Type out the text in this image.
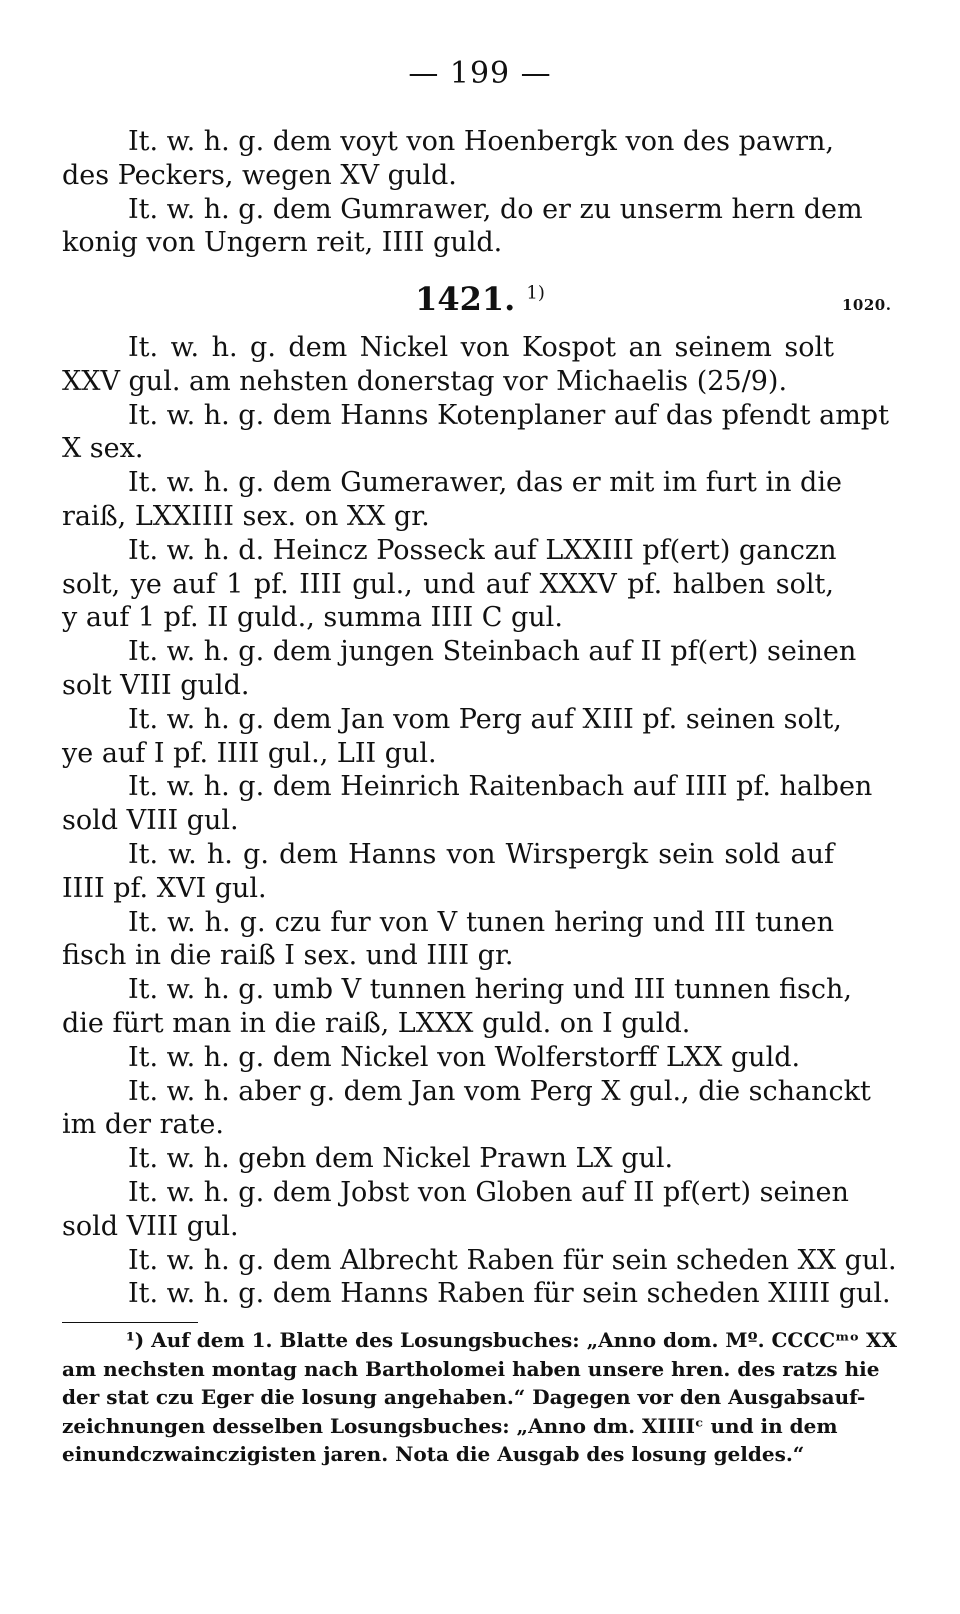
— 199 —
It. w. h. g. dem voyt von Hoenbergk von des pawrn,
des Peckers, wegen XV guld.
It. w. h. g. dem Gumrawer, do er zu unserm hern dem
konig von Ungern reit, IIII guld.
1421. $^{1)}$
1020.
It. w. h. g. dem Nickel von Kospot an seinem solt
XXV gul. am nehsten donerstag vor Michaelis (25/9).
It. w. h. g. dem Hanns Kotenplaner auf das pfendt ampt
X sex.
It. w. h. g. dem Gumerawer, das er mit im furt in die
raiß, LXXIIII sex. on XX gr.
It. w. h. d. Heincz Posseck auf LXXIII pf(ert) ganczn
solt, ye auf 1 pf. IIII gul., und auf XXXV pf. halben solt,
y auf 1 pf. II guld., summa IIII C gul.
It. w. h. g. dem jungen Steinbach auf II pf(ert) seinen
solt VIII guld.
It. w. h. g. dem Jan vom Perg auf XIII pf. seinen solt,
ye auf I pf. IIII gul., LII gul.
It. w. h. g. dem Heinrich Raitenbach auf IIII pf. halben
sold VIII gul.
It. w. h. g. dem Hanns von Wirspergk sein sold auf
IIII pf. XVI gul.
It. w. h. g. czu fur von V tunen hering und III tunen
fisch in die raiß I sex. und IIII gr.
It. w. h. g. umb V tunnen hering und III tunnen fisch,
die fürt man in die raiß, LXXX guld. on I guld.
It. w. h. g. dem Nickel von Wolferstorff LXX guld.
It. w. h. aber g. dem Jan vom Perg X gul., die schanckt
im der rate.
It. w. h. gebn dem Nickel Prawn LX gul.
It. w. h. g. dem Jobst von Globen auf II pf(ert) seinen
sold VIII gul.
It. w. h. g. dem Albrecht Raben für sein scheden XX gul.
It. w. h. g. dem Hanns Raben für sein scheden XIIII gul.
¹) Auf dem 1. Blatte des Losungsbuches: „Anno dom. Mº. CCCCᵐᵒ XX
am nechsten montag nach Bartholomei haben unsere hren. des ratzs hie
der stat czu Eger die losung angehaben.“ Dagegen vor den Ausgabsauf-
zeichnungen desselben Losungsbuches: „Anno dm. XIIIIᶜ und in dem
einundczwainczigisten jaren. Nota die Ausgab des losung geldes.“
